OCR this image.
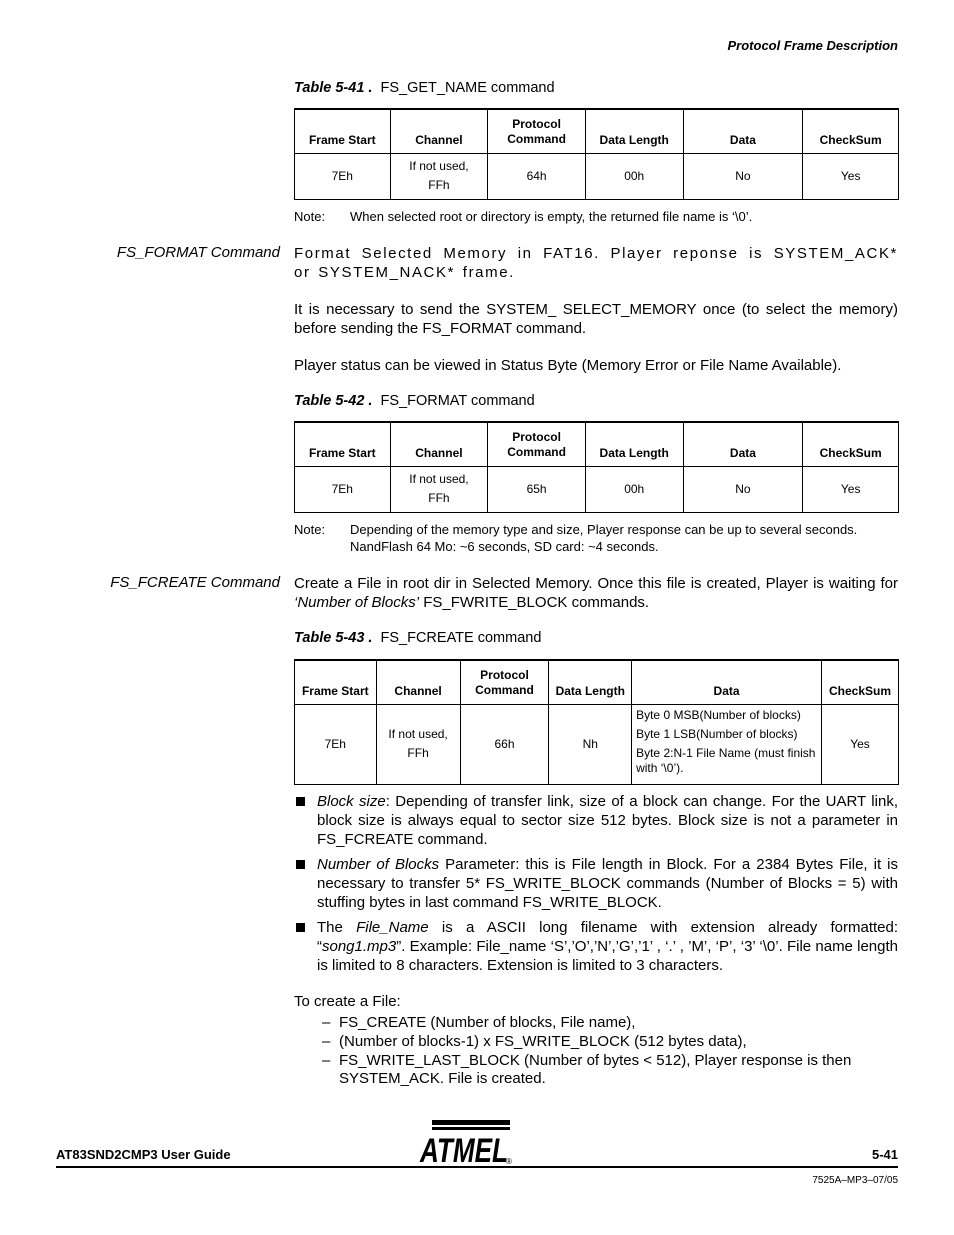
Protocol Frame Description
Table 5-41 . FS_GET_NAME command
Frame Start	Channel	Protocol Command	Data Length	Data	CheckSum
7Eh	If not used, FFh	64h	00h	No	Yes
Note: When selected root or directory is empty, the returned file name is ‘\0’.
FS_FORMAT Command Format Selected Memory in FAT16. Player reponse is SYSTEM_ACK* or SYSTEM_NACK* frame.
It is necessary to send the SYSTEM_ SELECT_MEMORY once (to select the memory) before sending the FS_FORMAT command.
Player status can be viewed in Status Byte (Memory Error or File Name Available).
Table 5-42 . FS_FORMAT command
Frame Start	Channel	Protocol Command	Data Length	Data	CheckSum
7Eh	If not used, FFh	65h	00h	No	Yes
Note: Depending of the memory type and size, Player response can be up to several seconds.
NandFlash 64 Mo: ~6 seconds, SD card: ~4 seconds.
FS_FCREATE Command Create a File in root dir in Selected Memory. Once this file is created, Player is waiting for ‘Number of Blocks’ FS_FWRITE_BLOCK commands.
Table 5-43 . FS_FCREATE command
Frame Start	Channel	Protocol Command	Data Length	Data	CheckSum
7Eh	If not used, FFh	66h	Nh	Byte 0 MSB(Number of blocks)
Byte 1 LSB(Number of blocks)
Byte 2:N-1 File Name (must finish with ‘\0’).	Yes
Block size: Depending of transfer link, size of a block can change. For the UART link, block size is always equal to sector size 512 bytes. Block size is not a parameter in FS_FCREATE command.
Number of Blocks Parameter: this is File length in Block. For a 2384 Bytes File, it is necessary to transfer 5* FS_WRITE_BLOCK commands (Number of Blocks = 5) with stuffing bytes in last command FS_WRITE_BLOCK.
The File_Name is a ASCII long filename with extension already formatted: “song1.mp3”. Example: File_name ‘S’,’O’,’N’,’G’,’1’ , ‘.’ , ’M’, ‘P’, ‘3’ ‘\0’. File name length is limited to 8 characters. Extension is limited to 3 characters.
To create a File:
– FS_CREATE (Number of blocks, File name),
– (Number of blocks-1) x FS_WRITE_BLOCK (512 bytes data),
– FS_WRITE_LAST_BLOCK (Number of bytes < 512), Player response is then SYSTEM_ACK. File is created.
ATMEL
®
AT83SND2CMP3 User Guide	5-41
7525A–MP3–07/05
